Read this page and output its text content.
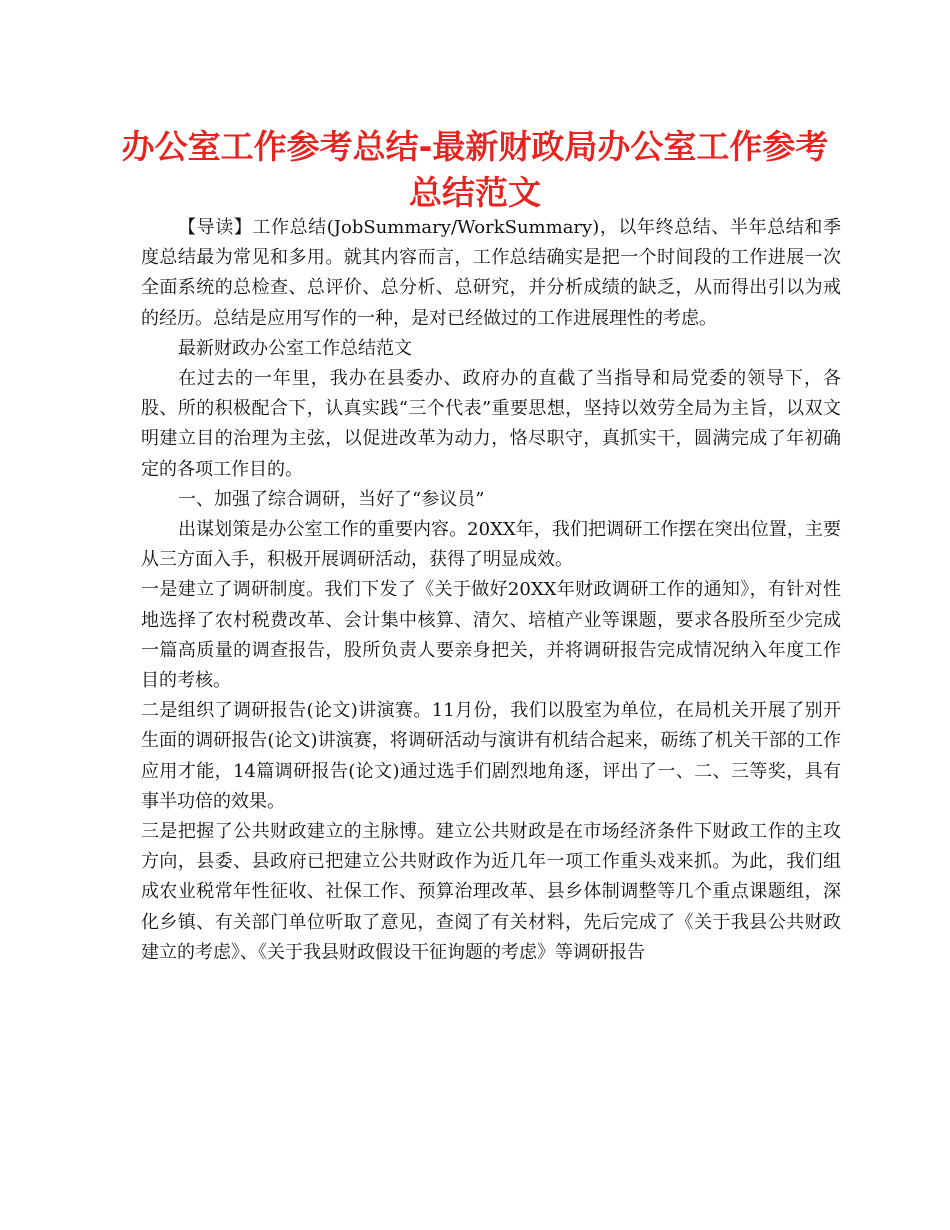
办公室工作参考总结-最新财政局办公室工作参考
总结范文

【导读】工作总结(JobSummary/WorkSummary)，以年终总结、半年总结和季度总结最为常见和多用。就其内容而言，工作总结确实是把一个时间段的工作进展一次全面系统的总检查、总评价、总分析、总研究，并分析成绩的缺乏，从而得出引以为戒的经历。总结是应用写作的一种，是对已经做过的工作进展理性的考虑。

最新财政办公室工作总结范文

在过去的一年里，我办在县委办、政府办的直截了当指导和局党委的领导下，各股、所的积极配合下，认真实践“三个代表”重要思想，坚持以效劳全局为主旨，以双文明建立目的治理为主弦，以促进改革为动力，恪尽职守，真抓实干，圆满完成了年初确定的各项工作目的。

一、加强了综合调研，当好了“参议员”

出谋划策是办公室工作的重要内容。20XX年，我们把调研工作摆在突出位置，主要从三方面入手，积极开展调研活动，获得了明显成效。

一是建立了调研制度。我们下发了《关于做好20XX年财政调研工作的通知》，有针对性地选择了农村税费改革、会计集中核算、清欠、培植产业等课题，要求各股所至少完成一篇高质量的调查报告，股所负责人要亲身把关，并将调研报告完成情况纳入年度工作目的考核。

二是组织了调研报告(论文)讲演赛。11月份，我们以股室为单位，在局机关开展了别开生面的调研报告(论文)讲演赛，将调研活动与演讲有机结合起来，砺练了机关干部的工作应用才能，14篇调研报告(论文)通过选手们剧烈地角逐，评出了一、二、三等奖，具有事半功倍的效果。

三是把握了公共财政建立的主脉博。建立公共财政是在市场经济条件下财政工作的主攻方向，县委、县政府已把建立公共财政作为近几年一项工作重头戏来抓。为此，我们组成农业税常年性征收、社保工作、预算治理改革、县乡体制调整等几个重点课题组，深化乡镇、有关部门单位听取了意见，查阅了有关材料，先后完成了《关于我县公共财政建立的考虑》、《关于我县财政假设干征询题的考虑》等调研报告
